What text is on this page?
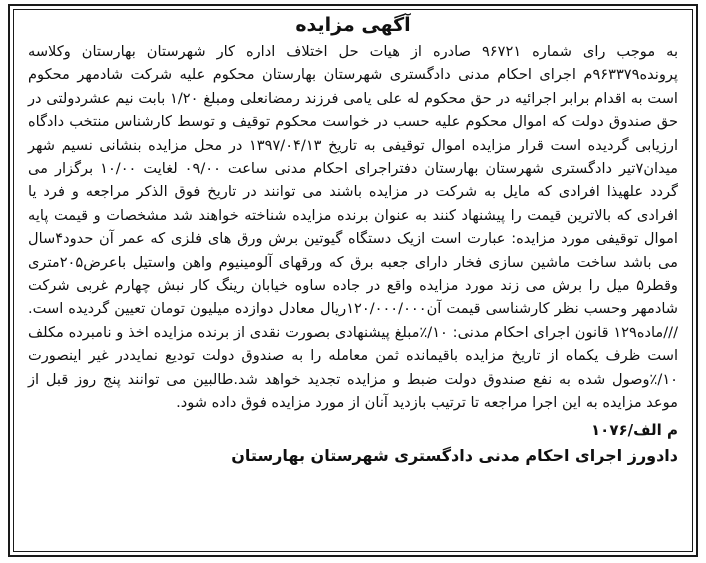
آگهی مزایده

به موجب رای شماره ۹۶۷۲۱ صادره از هیات حل اختلاف اداره کار شهرستان بهارستان وکلاسه پرونده۹۶۳۳۷۹م اجرای احکام مدنی دادگستری شهرستان بهارستان محکوم علیه شرکت شادمهر محکوم است به اقدام برابر اجرائیه در حق محکوم له علی یامی فرزند رمضانعلی ومبلغ ۱/۲۰ بابت نیم عشردولتی در حق صندوق دولت که اموال محکوم علیه حسب در خواست محکوم توقیف و توسط کارشناس منتخب دادگاه ارزیابی گردیده است قرار مزایده اموال توقیفی به تاریخ ۱۳۹۷/۰۴/۱۳ در محل مزایده بنشانی نسیم شهر میدان۷تیر دادگستری شهرستان بهارستان دفتراجرای احکام مدنی ساعت ۰۹/۰۰ لغایت ۱۰/۰۰ برگزار می گردد علهیذا افرادی که مایل به شرکت در مزایده باشند می توانند در تاریخ فوق الذکر مراجعه و فرد یا افرادی که بالاترین قیمت را پیشنهاد کنند به عنوان برنده مزایده شناخته خواهند شد مشخصات و قیمت پایه اموال توقیفی مورد مزایده: عبارت است ازیک دستگاه گیوتین برش ورق های فلزی که عمر آن حدود۴سال می باشد ساخت ماشین سازی فخار دارای جعبه برق که ورقهای آلومینیوم واهن واستیل باعرض۲۰۵متری وقطر۵ میل را برش می زند مورد مزایده واقع در جاده ساوه خیابان رینگ کار نبش چهارم غربی شرکت شادمهر وحسب نظر کارشناسی قیمت آن۱۲۰/۰۰۰/۰۰۰ریال معادل دوازده میلیون تومان تعیین گردیده است. ///ماده۱۲۹ قانون اجرای احکام مدنی: ۱۰/٪مبلغ پیشنهادی بصورت نقدی از برنده مزایده اخذ و نامبرده مکلف است ظرف یکماه از تاریخ مزایده باقیمانده ثمن معامله را به صندوق دولت تودیع نمایددر غیر اینصورت ۱۰/٪وصول شده به نفع صندوق دولت ضبط و مزایده تجدید خواهد شد.طالبین می توانند پنج روز قبل از موعد مزایده به این اجرا مراجعه تا ترتیب بازدید آنان از مورد مزایده فوق داده شود.

م الف/۱۰۷۶
دادورز اجرای احکام مدنی دادگستری شهرستان بهارستان
